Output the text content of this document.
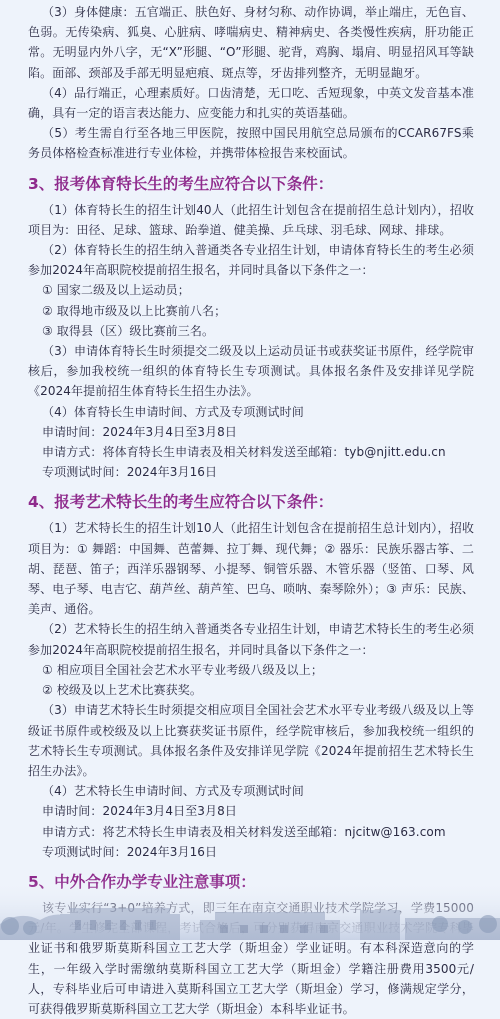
（3）身体健康：五官端正、肤色好、身材匀称、动作协调，举止端庄，无色盲、色弱。无传染病、狐臭、心脏病、哮喘病史、精神病史、各类慢性疾病，肝功能正常。无明显内外八字，无“X”形腿、“O”形腿、驼背，鸡胸、塌肩、明显招风耳等缺陷。面部、颈部及手部无明显疤痕、斑点等，牙齿排列整齐，无明显龅牙。

（4）品行端正，心理素质好。口齿清楚，无口吃、舌短现象，中英文发音基本准确，具有一定的语言表达能力、应变能力和扎实的英语基础。

（5）考生需自行至各地三甲医院，按照中国民用航空总局颁布的CCAR67FS乘务员体格检查标准进行专业体检，并携带体检报告来校面试。

3、报考体育特长生的考生应符合以下条件：

（1）体育特长生的招生计划40人（此招生计划包含在提前招生总计划内），招收项目为：田径、足球、篮球、跆拳道、健美操、乒乓球、羽毛球、网球、排球。

（2）体育特长生的招生纳入普通类各专业招生计划，申请体育特长生的考生必须参加2024年高职院校提前招生报名，并同时具备以下条件之一：

① 国家二级及以上运动员；

② 取得地市级及以上比赛前八名；

③ 取得县（区）级比赛前三名。

（3）申请体育特长生时须提交二级及以上运动员证书或获奖证书原件，经学院审核后，参加我校统一组织的体育特长生专项测试。具体报名条件及安排详见学院《2024年提前招生体育特长生招生办法》。

（4）体育特长生申请时间、方式及专项测试时间

申请时间：2024年3月4日至3月8日

申请方式：将体育特长生申请表及相关材料发送至邮箱：tyb@njitt.edu.cn

专项测试时间：2024年3月16日

4、报考艺术特长生的考生应符合以下条件：

（1）艺术特长生的招生计划10人（此招生计划包含在提前招生总计划内），招收项目为：① 舞蹈：中国舞、芭蕾舞、拉丁舞、现代舞；② 器乐：民族乐器古筝、二胡、琵琶、笛子；西洋乐器钢琴、小提琴、铜管乐器、木管乐器（竖笛、口琴、风琴、电子琴、电吉它、葫芦丝、葫芦笙、巴乌、唢呐、秦琴除外）；③ 声乐：民族、美声、通俗。

（2）艺术特长生的招生纳入普通类各专业招生计划，申请艺术特长生的考生必须参加2024年高职院校提前招生报名，并同时具备以下条件之一：

① 相应项目全国社会艺术水平专业考级八级及以上；

② 校级及以上艺术比赛获奖。

（3）申请艺术特长生时须提交相应项目全国社会艺术水平专业考级八级及以上等级证书原件或校级及以上比赛获奖证书原件，经学院审核后，参加我校统一组织的艺术特长生专项测试。具体报名条件及安排详见学院《2024年提前招生艺术特长生招生办法》。

（4）艺术特长生申请时间、方式及专项测试时间

申请时间：2024年3月4日至3月8日

申请方式：将艺术特长生申请表及相关材料发送至邮箱：njcitw@163.com

专项测试时间：2024年3月16日

业证书和俄罗斯莫斯科国立工艺大学（斯坦金）学业证明。有本科深造意向的学生，一年级入学时需缴纳莫斯科国立工艺大学（斯坦金）学籍注册费用3500元/人，专科毕业后可申请进入莫斯科国立工艺大学（斯坦金）学习，修满规定学分，可获得俄罗斯莫斯科国立工艺大学（斯坦金）本科毕业证书。
